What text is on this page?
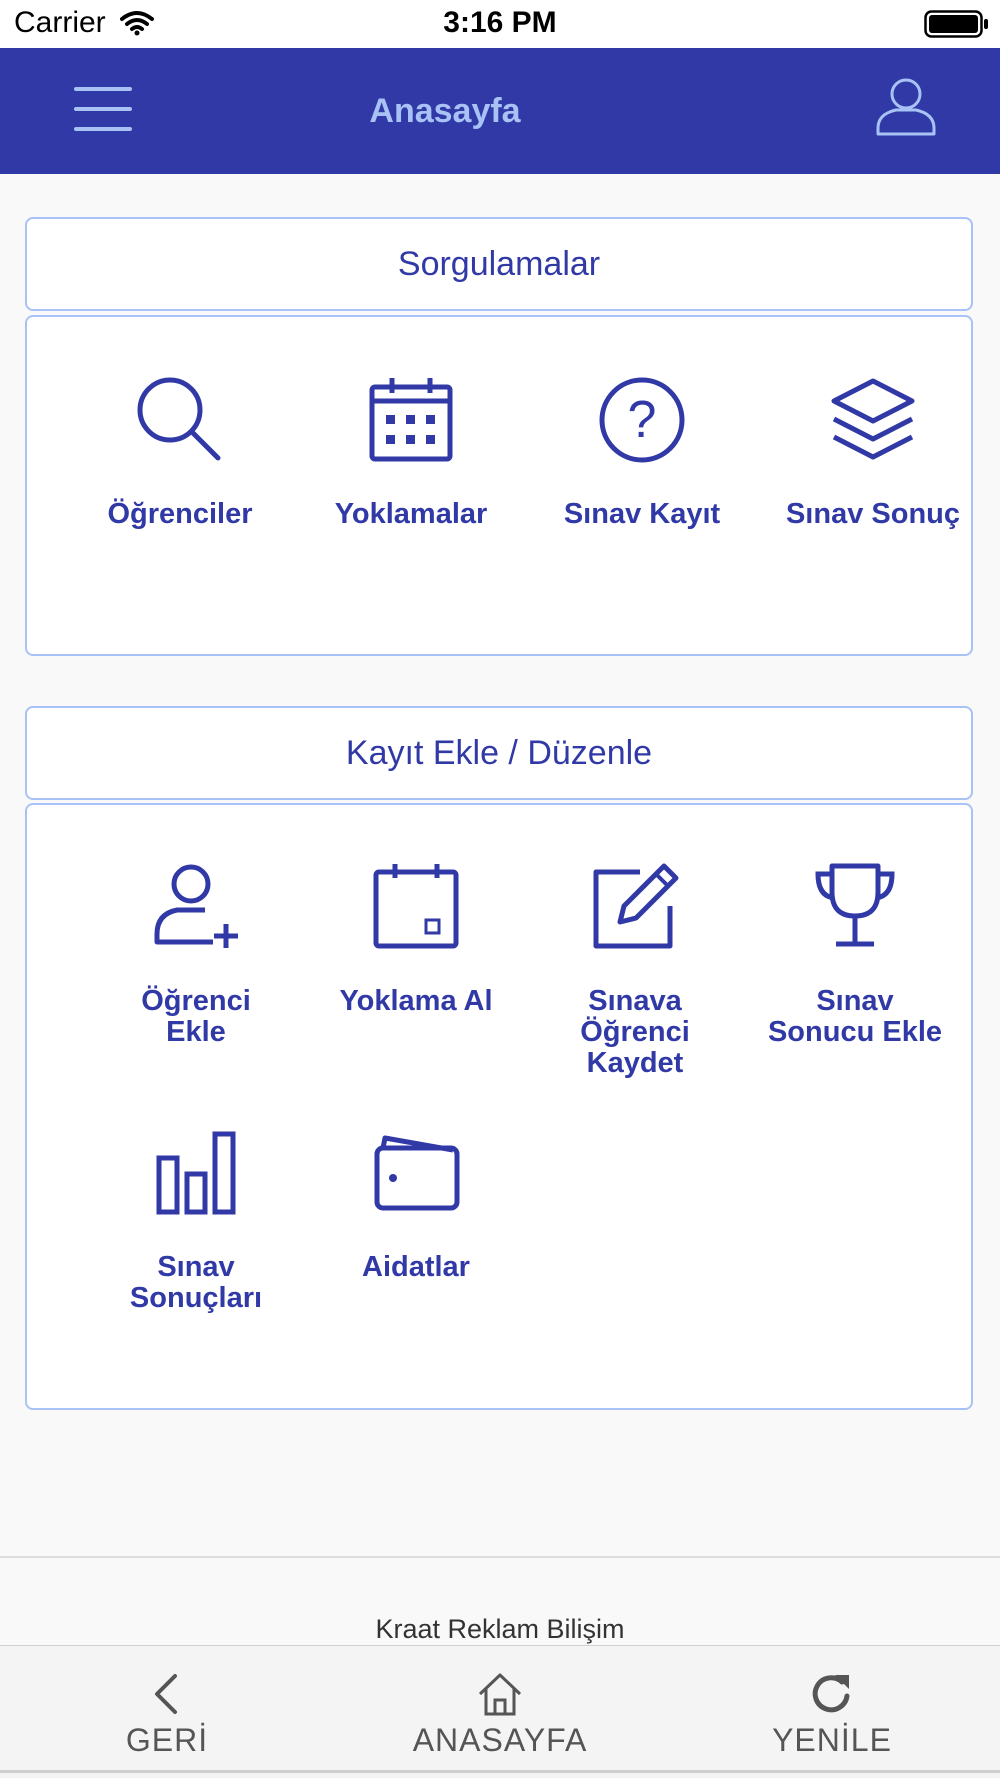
Carrier	3:16 PM
Anasayfa
Sorgulamalar
Öğrenciler	Yoklamalar
?
Sınav Kayıt	Sınav Sonuç
Kayıt Ekle / Düzenle
Öğrenci Ekle
Yoklama Al	Sınava Öğrenci Kaydet
Sınav Sonucu Ekle
Sınav Sonuçları
Aidatlar
Kraat Reklam Bilişim
GERİ	ANASAYFA	YENİLE
